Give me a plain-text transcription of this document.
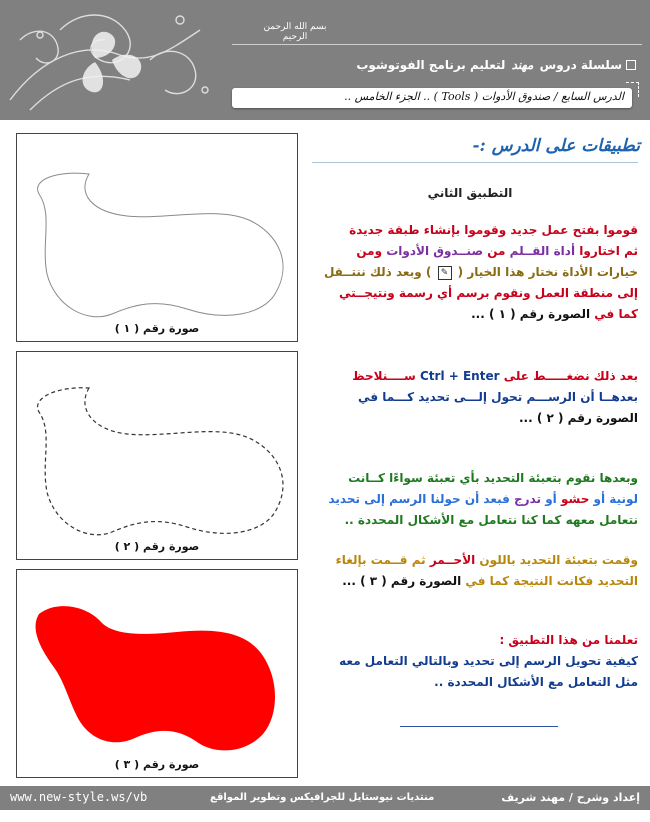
بسم الله الرحمن الرحيم
سلسلة دروس مهند لتعليم برنامج الفوتوشوب
الدرس السابع / صندوق الأدوات ( Tools ) .. الجزء الخامس ..
صورة رقم ( ١ )
صورة رقم ( ٢ )
صورة رقم ( ٣ )
تطبيقات على الدرس :-
التطبيق الثاني
قوموا بفتح عمل جديد وقوموا بإنشاء طبقة جديدة
ثم اختاروا أداة القــلم من صنــدوق الأدوات ومن
خيارات الأداة نختار هذا الخيار ( ✎ ) وبعد ذلك ننتــقل
إلى منطقة العمل ونقوم برسم أي رسمة ونتيجــتي
كما في الصورة رقم ( ١ ) ...
بعد ذلك نضغـــــط على Ctrl + Enter ســــنلاحظ
بعدهــا أن الرســـم تحول إلـــى تحديد كـــما في
الصورة رقم ( ٢ ) ...
وبعدها نقوم بتعبئة التحديد بأي تعبئة سواءًا كــانت
لونية أو حشو أو تدرج فبعد أن حولنا الرسم إلى تحديد
نتعامل معهه كما كنا نتعامل مع الأشكال المحددة ..
وقمت بتعبئة التحديد باللون الأحــمر ثم قــمت بإلغاء
التحديد فكانت النتيجة كما في الصورة رقم ( ٣ ) ...
تعلمنا من هذا التطبيق :
كيفية تحويل الرسم إلى تحديد وبالتالي التعامل معه
مثل التعامل مع الأشكال المحددة ..
www.new-style.ws/vb	منتديات نيوستايل للجرافيكس وتطوير المواقع	إعداد وشرح / مهند شريف
